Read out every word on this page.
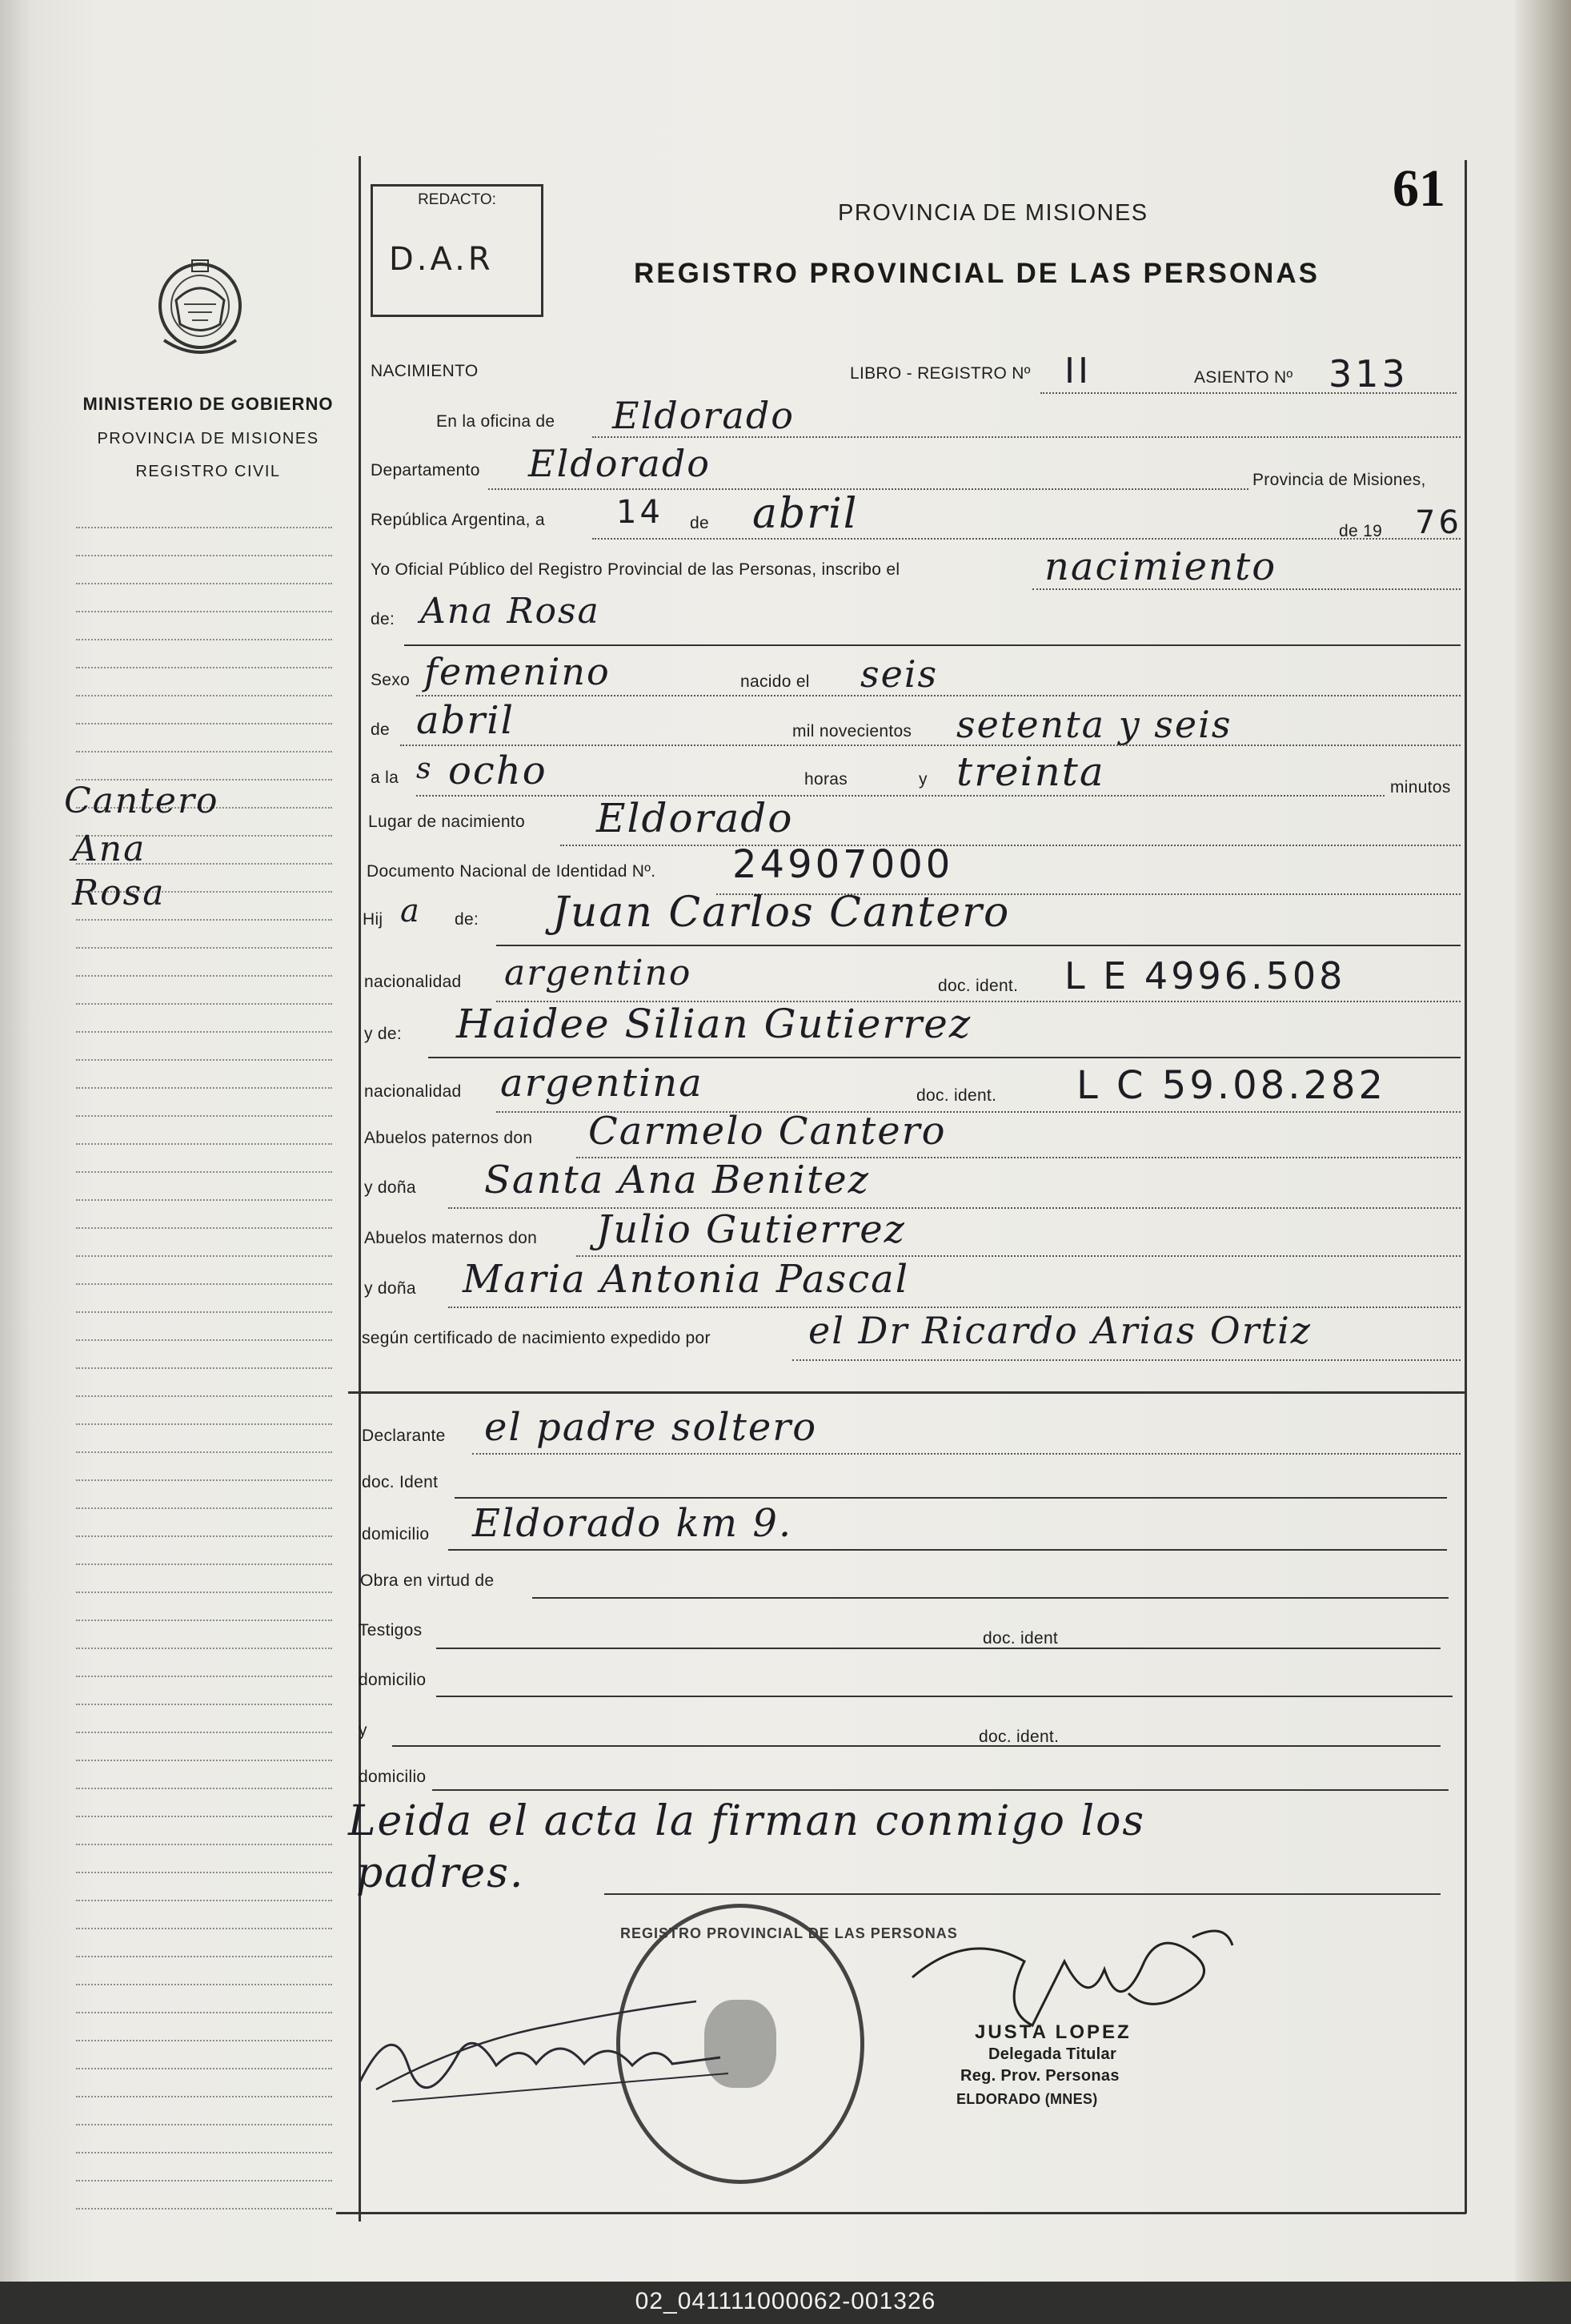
MINISTERIO DE GOBIERNO
PROVINCIA DE MISIONES
REGISTRO CIVIL
Cantero
Ana
Rosa
REDACTO:
D.A.R
PROVINCIA DE MISIONES
REGISTRO PROVINCIAL DE LAS PERSONAS
61
NACIMIENTO	LIBRO - REGISTRO Nº II	ASIENTO Nº 313
En la oficina de Eldorado
Departamento Eldorado	Provincia de Misiones,
República Argentina, a 14 de abril	de 19 76
Yo Oficial Público del Registro Provincial de las Personas, inscribo el	nacimiento
de: Ana Rosa
Sexo femenino	nacido el seis
de abril	mil novecientos setenta y seis
a la s ocho	horas	y treinta	minutos
Lugar de nacimiento Eldorado
Documento Nacional de Identidad Nº. 24907000
Hij a de: Juan Carlos Cantero
nacionalidad argentino	doc. ident. L E 4996.508
y de: Haidee Silian Gutierrez
nacionalidad argentina	doc. ident. L C 59.08.282
Abuelos paternos don Carmelo Cantero
y doña Santa Ana Benitez
Abuelos maternos don Julio Gutierrez
y doña Maria Antonia Pascal
según certificado de nacimiento expedido por	el Dr Ricardo Arias Ortiz
Declarante el padre soltero
doc. Ident
domicilio Eldorado km 9.
Obra en virtud de
Testigos	doc. ident
domicilio
y	doc. ident.
domicilio
Leida el acta la firman conmigo los
padres.
REGISTRO PROVINCIAL DE LAS PERSONAS
JUSTA LOPEZ
Delegada Titular
Reg. Prov. Personas
ELDORADO (MNES)
02_041111000062-001326
